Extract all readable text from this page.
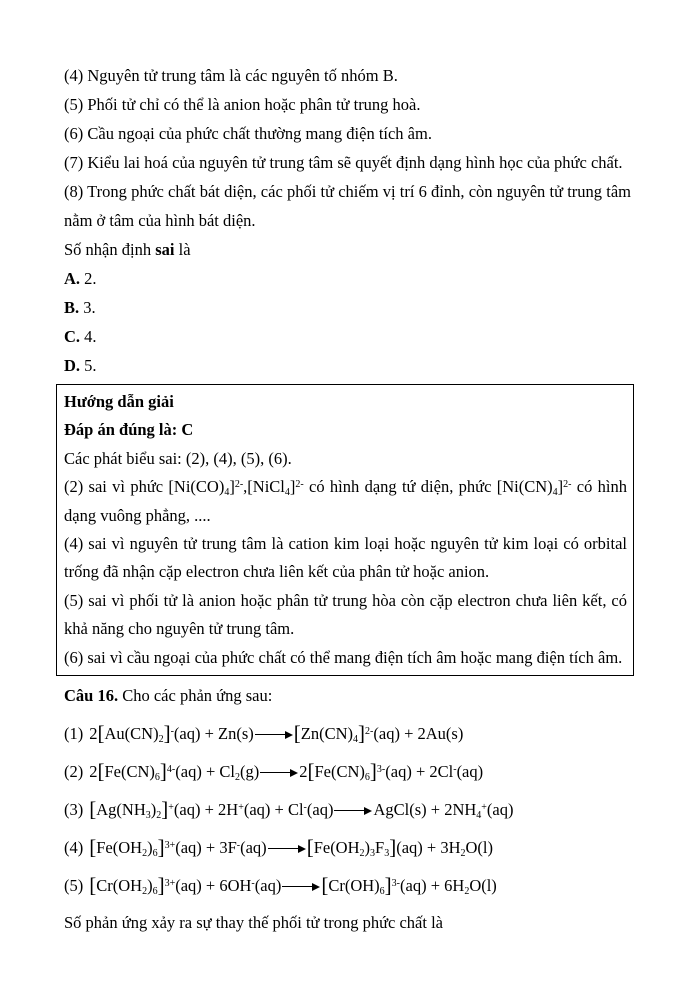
(4) Nguyên tử trung tâm là các nguyên tố nhóm B.

(5) Phối tử chỉ có thể là anion hoặc phân tử trung hoà.

(6) Cầu ngoại của phức chất thường mang điện tích âm.

(7) Kiểu lai hoá của nguyên tử trung tâm sẽ quyết định dạng hình học của phức chất.

(8) Trong phức chất bát diện, các phối tử chiếm vị trí 6 đỉnh, còn nguyên tử trung tâm nằm ở tâm của hình bát diện.

Số nhận định sai là

A. 2.

B. 3.

C. 4.

D. 5.

Hướng dẫn giải

Đáp án đúng là: C

Các phát biểu sai: (2), (4), (5), (6).

(2) sai vì phức $[Ni(CO)_4]^{2-},[NiCl_4]^{2-}$ có hình dạng tứ diện, phức $[Ni(CN)_4]^{2-}$ có hình dạng vuông phẳng, ....

(4) sai vì nguyên tử trung tâm là cation kim loại hoặc nguyên tử kim loại có orbital trống đã nhận cặp electron chưa liên kết của phân tử hoặc anion.

(5) sai vì phối tử là anion hoặc phân tử trung hòa còn cặp electron chưa liên kết, có khả năng cho nguyên tử trung tâm.

(6) sai vì cầu ngoại của phức chất có thể mang điện tích âm hoặc mang điện tích âm.

Câu 16. Cho các phản ứng sau:

(1) $2[Au(CN)_2]^-(aq) + Zn(s) [Zn(CN)_4]^{2-}(aq) + 2Au(s)$

(2) $2[Fe(CN)_6]^{4-}(aq) + Cl_2(g) 2[Fe(CN)_6]^{3-}(aq) + 2Cl^-(aq)$

(3) $[Ag(NH_3)_2]^+(aq) + 2H^+(aq) + Cl^-(aq)$ AgCl(s) + $2NH_4^+(aq)$

(4) $[Fe(OH_2)_6]^{3+}(aq) + 3F^-(aq) [Fe(OH_2)_3F_3](aq) + 3H_2O(l)$

(5) $[Cr(OH_2)_6]^{3+}(aq) + 6OH^-(aq) [Cr(OH)_6]^{3-}(aq) + 6H_2O(l)$

Số phản ứng xảy ra sự thay thế phối tử trong phức chất là
